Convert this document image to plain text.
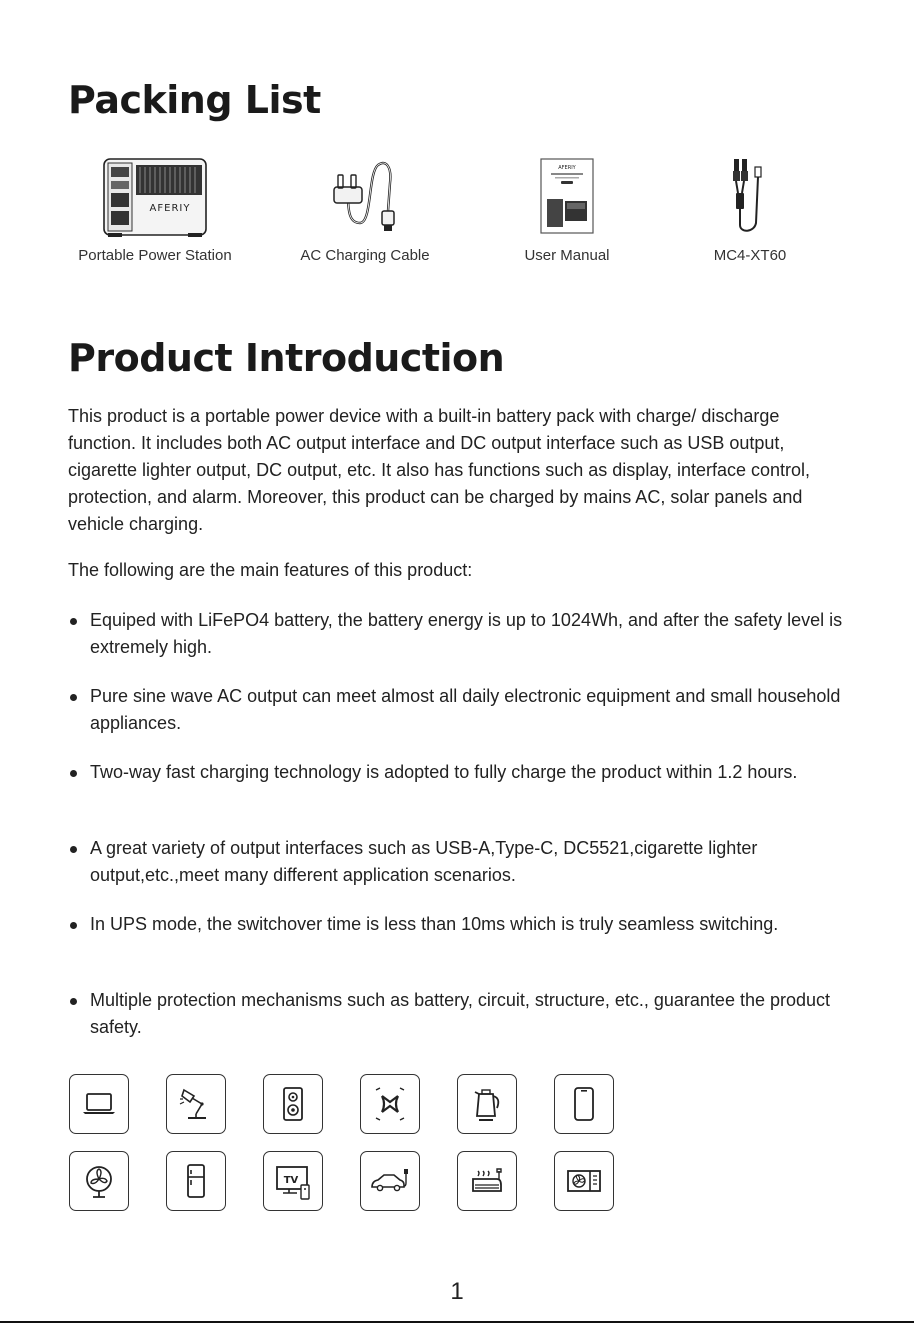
Packing List
AFERIY
Portable Power Station	AC Charging Cable
AFERIY
User Manual	MC4-XT60
Product Introduction

This product is a portable power device with a built-in battery pack with charge/ discharge function. It includes both AC output interface and DC output interface such as USB output, cigarette lighter output, DC output, etc. It also has functions such as display, interface control, protection, and alarm. Moreover, this product can be charged by mains AC, solar panels and vehicle charging.

The following are the main features of this product:

Equiped with LiFePO4 battery, the battery energy is up to 1024Wh, and after the safety level is extremely high.
Pure sine wave AC output can meet almost all daily electronic equipment and small household appliances.
Two-way fast charging technology is adopted to fully charge the product within 1.2 hours.
A great variety of output interfaces such as USB-A,Type-C, DC5521,cigarette lighter output,etc.,meet many different application scenarios.
In UPS mode, the switchover time is less than 10ms which is truly seamless switching.
Multiple protection mechanisms such as battery, circuit, structure, etc., guarantee the product safety.
TV
1
